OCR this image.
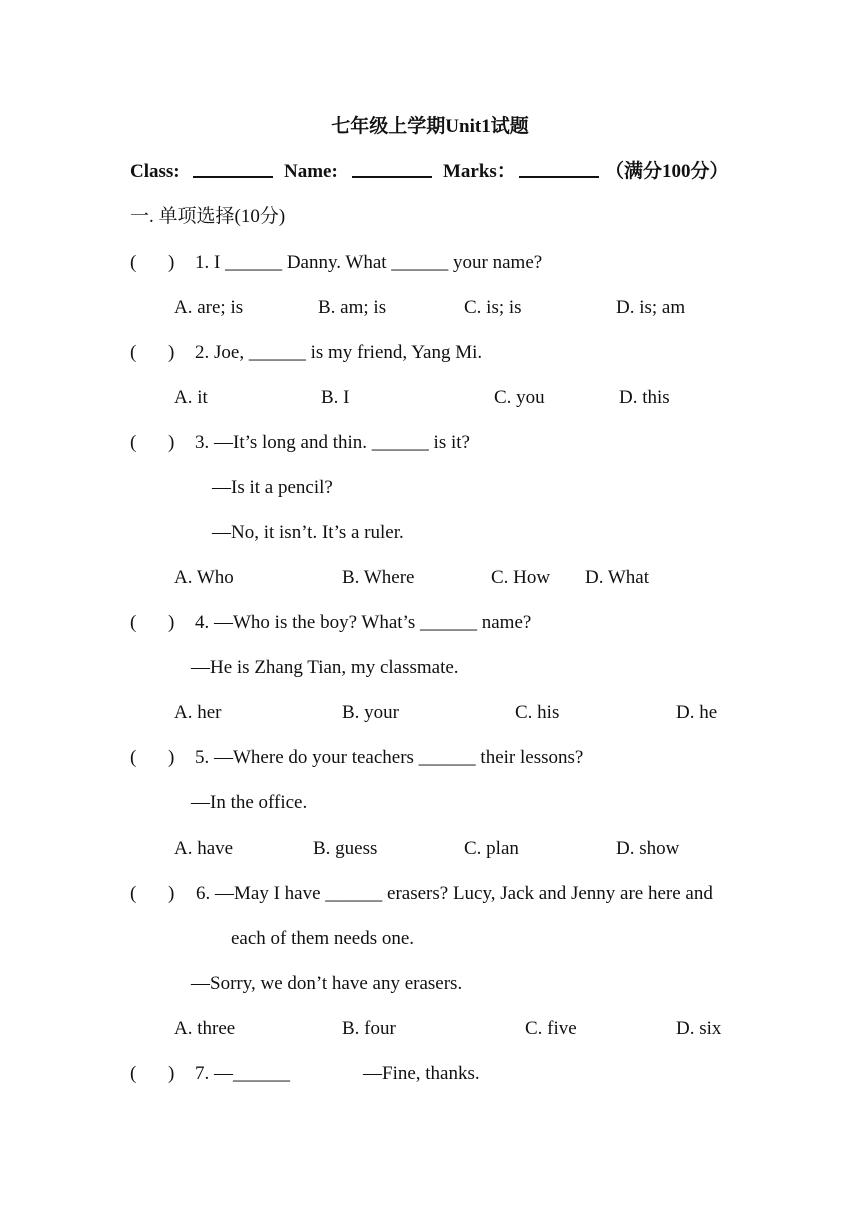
七年级上学期Unit1试题
Class:	Name:	Marks：	（满分100分）
一. 单项选择(10分)
( ) 1. I ______ Danny. What ______ your name?
A. are; is	B. am; is	C. is; is	D. is; am
( ) 2. Joe, ______ is my friend, Yang Mi.
A. it	B. I	C. you	D. this
( ) 3. —It’s long and thin. ______ is it?
—Is it a pencil?
—No, it isn’t. It’s a ruler.
A. Who	B. Where	C. How D. What
( ) 4. —Who is the boy? What’s ______ name?
—He is Zhang Tian, my classmate.
A. her	B. your	C. his	D. he
( ) 5. —Where do your teachers ______ their lessons?
—In the office.
A. have	B. guess	C. plan	D. show
( ) 6. —May I have ______ erasers? Lucy, Jack and Jenny are here and
each of them needs one.
—Sorry, we don’t have any erasers.
A. three	B. four	C. five	D. six
( ) 7. —______	—Fine, thanks.
